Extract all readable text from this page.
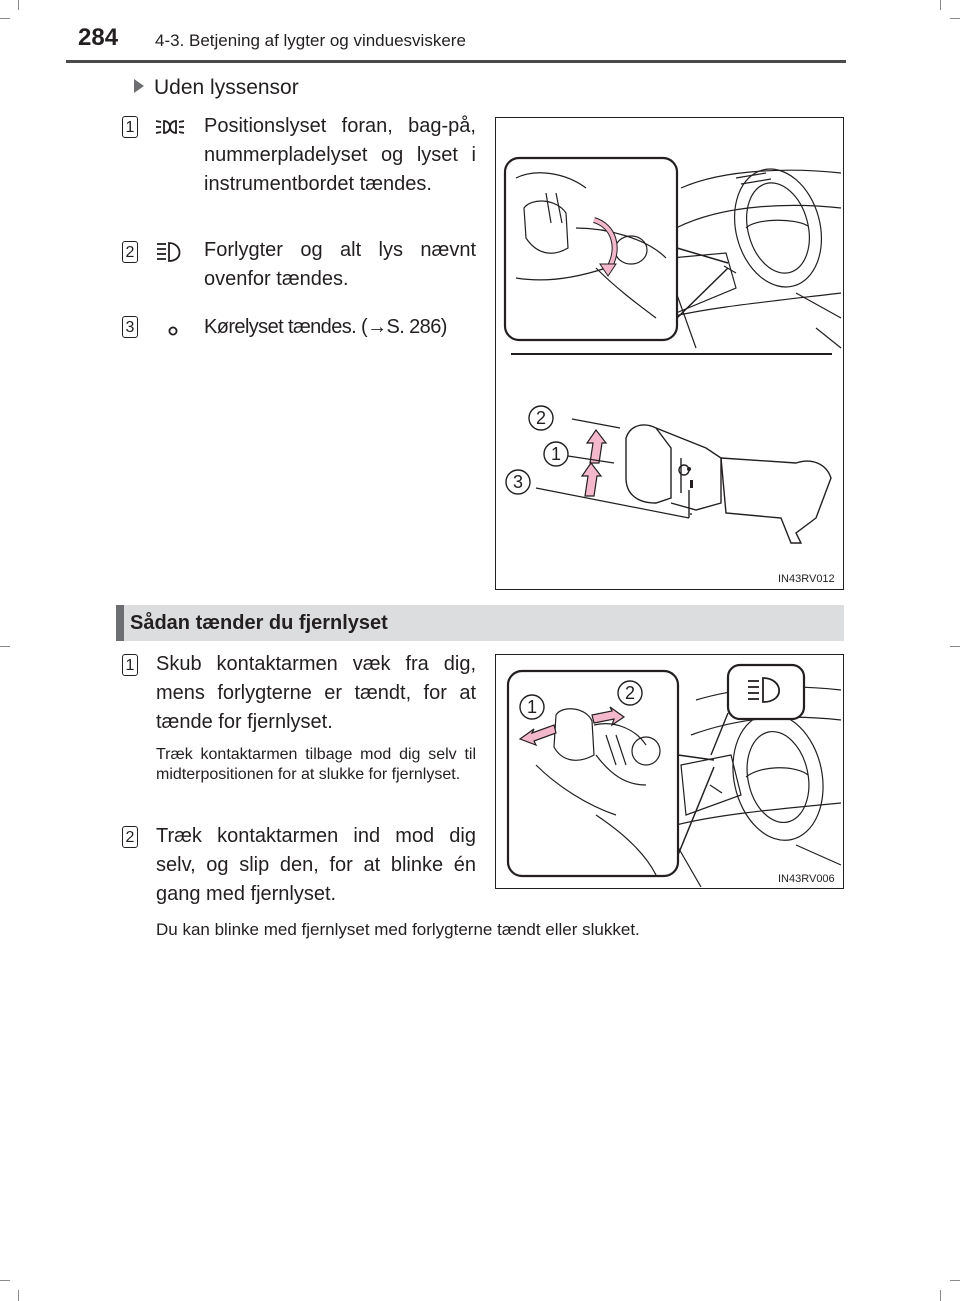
284 4-3. Betjening af lygter og vinduesviskere
Uden lyssensor
1	Positionslyset foran, bag-på, nummerpladelyset og lyset i instrumentbordet tændes.
2	Forlygter og alt lys nævnt ovenfor tændes.
3	Kørelyset tændes. (→S. 286)
2
1
3
IN43RV012
Sådan tænder du fjernlyset
1 Skub kontaktarmen væk fra dig, mens forlygterne er tændt, for at tænde for fjernlyset.
Træk kontaktarmen tilbage mod dig selv til midterpositionen for at slukke for fjernlyset.
2 Træk kontaktarmen ind mod dig selv, og slip den, for at blinke én gang med fjernlyset.
1
2
IN43RV006
Du kan blinke med fjernlyset med forlygterne tændt eller slukket.
